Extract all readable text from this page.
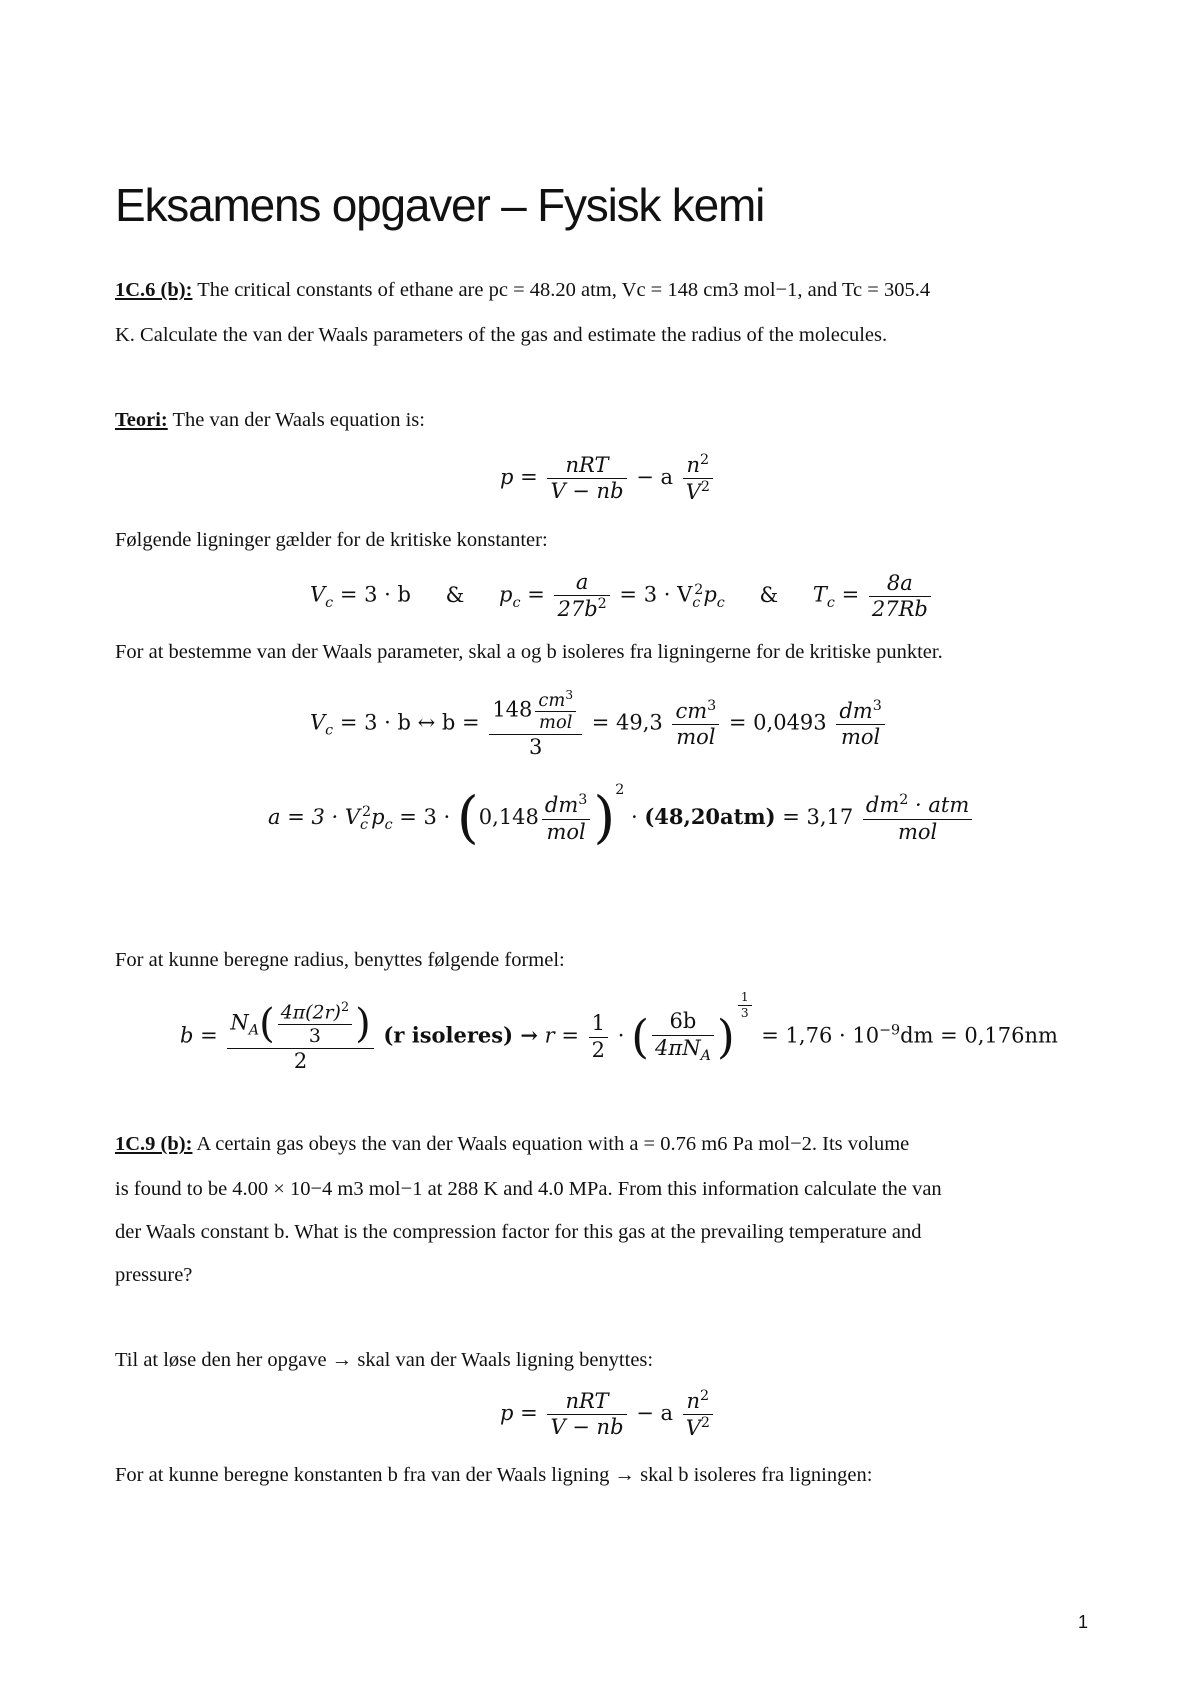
Eksamens opgaver – Fysisk kemi
1C.6 (b): The critical constants of ethane are pc = 48.20 atm, Vc = 148 cm3 mol−1, and Tc = 305.4
K. Calculate the van der Waals parameters of the gas and estimate the radius of the molecules.
Teori: The van der Waals equation is:
$p = \frac{\text{nRT}}{V - nb} - a \frac{n^2}{V^2}$
Følgende ligninger gælder for de kritiske konstanter:
$V_c = 3 \cdot b$ & $p_c = \frac{a}{27b^2} = 3 \cdot V_c^2p_c$ & $T_c = \frac{8a}{27Rb}$
For at bestemme van der Waals parameter, skal a og b isoleres fra ligningerne for de kritiske punkter.
$V_c = 3 \cdot b$ ↔ $b = \frac{148 \frac{cm^3}{\text{mol}}}{3} = 49,3 \frac{cm^3}{\text{mol}} = 0,0493 \frac{dm^3}{\text{mol}}$
$a = 3 \cdot V_c^2p_c = 3 \cdot (0,148 \frac{dm^3}{\text{mol}} )^2 \cdot (48,20atm) = 3,17 \frac{dm^2 \cdot atm}{\text{mol}}$
For at kunne beregne radius, benyttes følgende formel:
$b = \frac{N_A( \frac{4\pi(2r)^2}{3} )}{2} (r$ isoleres) → $r = \frac{1}{2}$ · ( $\frac{6b}{4\pi N_A}$ )
$\frac{1}{3}$
= $1,76 \cdot 10^{-9}dm = 0,176nm$
1C.9 (b): A certain gas obeys the van der Waals equation with a = 0.76 m6 Pa mol−2. Its volume
is found to be 4.00 × 10−4 m3 mol−1 at 288 K and 4.0 MPa. From this information calculate the van
der Waals constant b. What is the compression factor for this gas at the prevailing temperature and
pressure?
Til at løse den her opgave → skal van der Waals ligning benyttes:
$p = \frac{\text{nRT}}{V - nb} - a \frac{n^2}{V^2}$
For at kunne beregne konstanten b fra van der Waals ligning → skal b isoleres fra ligningen:
1
